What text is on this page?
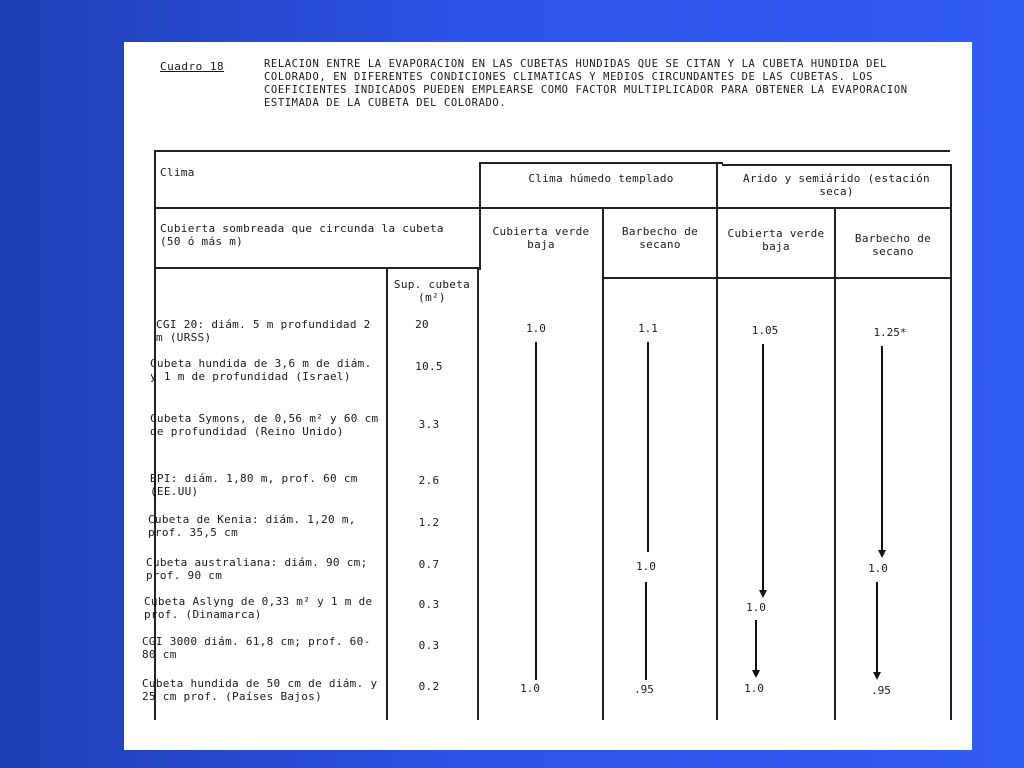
Cuadro 18	RELACION ENTRE LA EVAPORACION EN LAS CUBETAS HUNDIDAS QUE SE CITAN Y LA CUBETA HUNDIDA DEL COLORADO, EN DIFERENTES CONDICIONES CLIMATICAS Y MEDIOS CIRCUNDANTES DE LAS CUBETAS. LOS COEFICIENTES INDICADOS PUEDEN EMPLEARSE COMO FACTOR MULTIPLICADOR PARA OBTENER LA EVAPORACION ESTIMADA DE LA CUBETA DEL COLORADO.
Clima
Cubierta sombreada que circunda la cubeta (50 ó más m)
Clima húmedo templado	Arido y semiárido (estación seca)
Sup. cubeta (m²)
Cubierta verde baja
Barbecho de secano
Cubierta verde baja
Barbecho de secano
CGI 20: diám. 5 m profundidad 2 m (URSS)
20
Cubeta hundida de 3,6 m de diám. y 1 m de profundidad (Israel)
10.5
Cubeta Symons, de 0,56 m² y 60 cm de profundidad (Reino Unido)
3.3
BPI: diám. 1,80 m, prof. 60 cm (EE.UU)
2.6
Cubeta de Kenia: diám. 1,20 m, prof. 35,5 cm
1.2
Cubeta australiana: diám. 90 cm; prof. 90 cm
0.7
Cubeta Aslyng de 0,33 m² y 1 m de prof. (Dinamarca)
0.3
CGI 3000 diám. 61,8 cm; prof. 60-80 cm
0.3
Cubeta hundida de 50 cm de diám. y 25 cm prof. (Países Bajos)
0.2
1.0
1.0
1.1
1.0
.95
1.05
1.0
1.0
1.25*
1.0
.95
